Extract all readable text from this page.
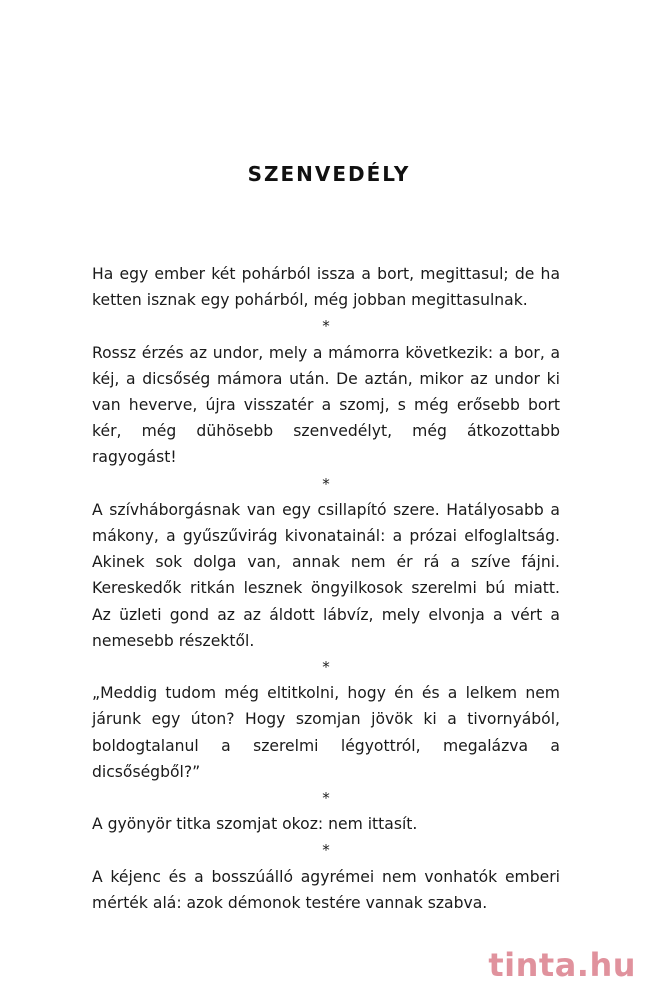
SZENVEDÉLY

Ha egy ember két pohárból issza a bort, megittasul; de ha ketten isznak egy pohárból, még jobban megittasulnak.

*

Rossz érzés az undor, mely a mámorra következik: a bor, a kéj, a dicsőség mámora után. De aztán, mikor az undor ki van heverve, újra visszatér a szomj, s még erősebb bort kér, még dühösebb szenvedélyt, még átkozottabb ragyogást!

*

A szívháborgásnak van egy csillapító szere. Hatályosabb a mákony, a gyűszűvirág kivonatainál: a prózai elfoglaltság. Akinek sok dolga van, annak nem ér rá a szíve fájni. Kereskedők ritkán lesznek öngyilkosok szerelmi bú miatt. Az üzleti gond az az áldott lábvíz, mely elvonja a vért a nemesebb részektől.

*

„Meddig tudom még eltitkolni, hogy én és a lelkem nem járunk egy úton? Hogy szomjan jövök ki a tivornyából, boldogtalanul a szerelmi légyottról, megalázva a dicsőségből?”

*

A gyönyör titka szomjat okoz: nem ittasít.

*

A kéjenc és a bosszúálló agyrémei nem vonhatók emberi mérték alá: azok démonok testére vannak szabva.

tinta.hu
